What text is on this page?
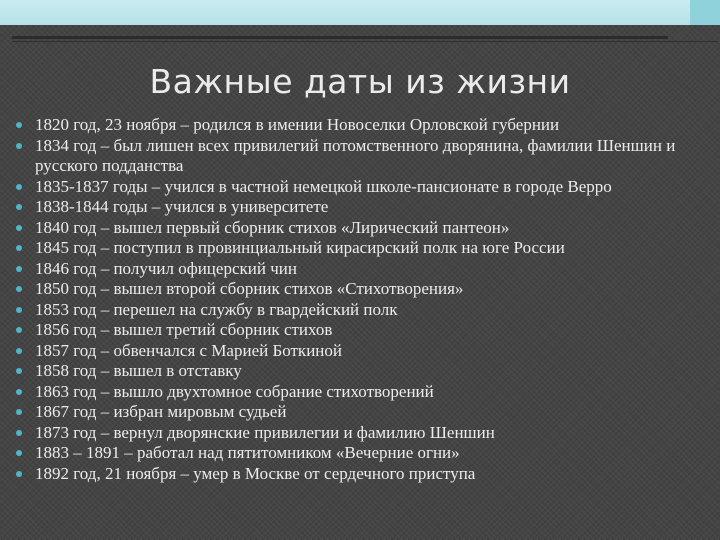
Важные даты из жизни
1820 год, 23 ноября – родился в имении Новоселки Орловской губернии
1834 год – был лишен всех привилегий потомственного дворянина, фамилии Шеншин и русского подданства
1835-1837 годы – учился в частной немецкой школе-пансионате в городе Верро
1838-1844 годы – учился в университете
1840 год – вышел первый сборник стихов «Лирический пантеон»
1845 год – поступил в провинциальный кирасирский полк на юге России
1846 год – получил офицерский чин
1850 год – вышел второй сборник стихов «Стихотворения»
1853 год – перешел на службу в гвардейский полк
1856 год – вышел третий сборник стихов
1857 год – обвенчался с Марией Боткиной
1858 год – вышел в отставку
1863 год – вышло двухтомное собрание стихотворений
1867 год – избран мировым судьей
1873 год – вернул дворянские привилегии и фамилию Шеншин
1883 – 1891 – работал над пятитомником «Вечерние огни»
1892 год, 21 ноября – умер в Москве от сердечного приступа
